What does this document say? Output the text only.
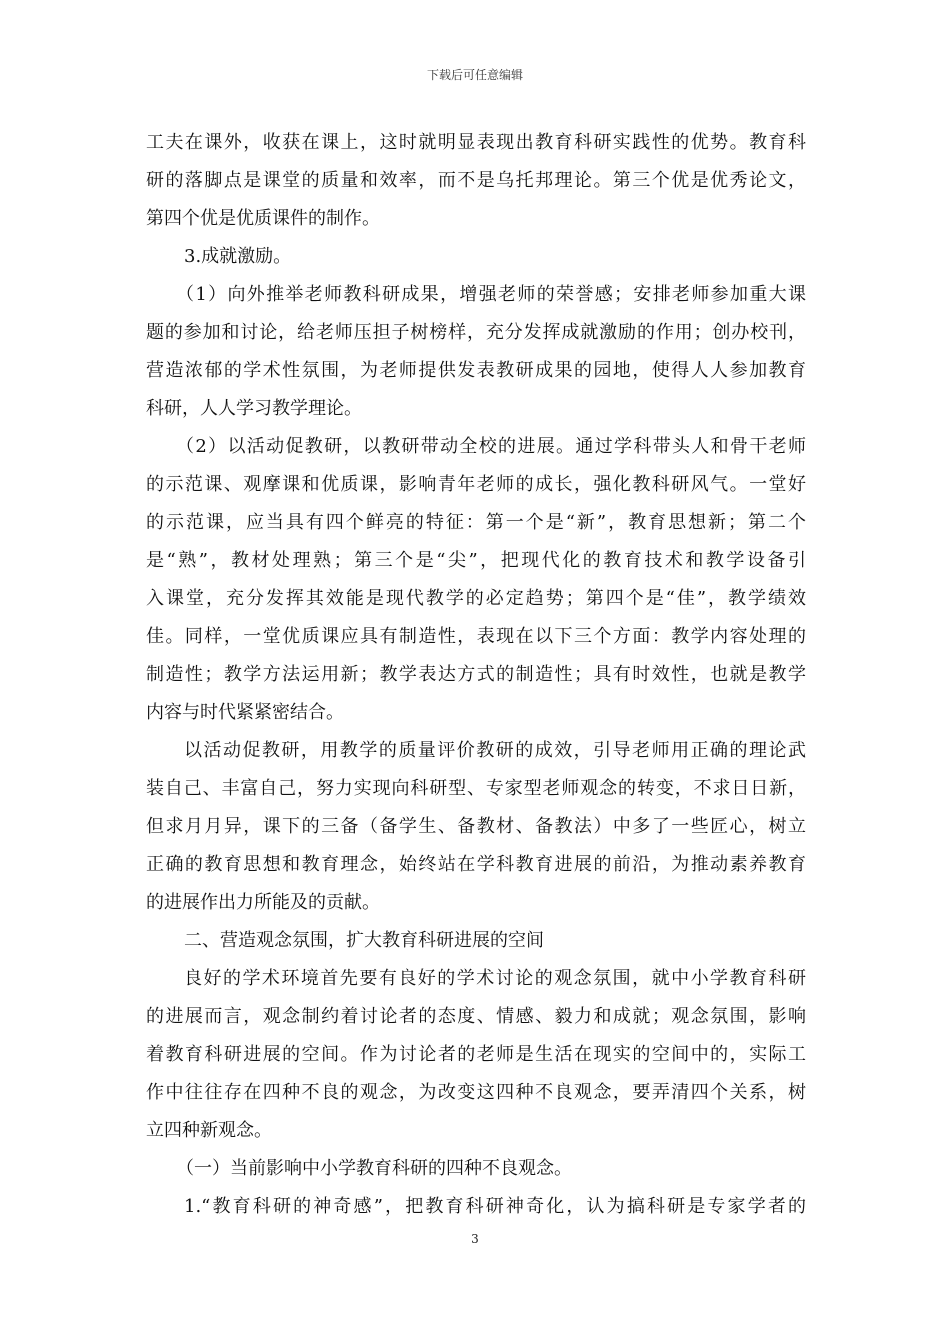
下载后可任意编辑
工夫在课外，收获在课上，这时就明显表现出教育科研实践性的优势。教育科
研的落脚点是课堂的质量和效率，而不是乌托邦理论。第三个优是优秀论文，
第四个优是优质课件的制作。
3.成就激励。
（1）向外推举老师教科研成果，增强老师的荣誉感；安排老师参加重大课
题的参加和讨论，给老师压担子树榜样，充分发挥成就激励的作用；创办校刊，
营造浓郁的学术性氛围，为老师提供发表教研成果的园地，使得人人参加教育
科研，人人学习教学理论。
（2）以活动促教研，以教研带动全校的进展。通过学科带头人和骨干老师
的示范课、观摩课和优质课，影响青年老师的成长，强化教科研风气。一堂好
的示范课，应当具有四个鲜亮的特征：第一个是“新”，教育思想新；第二个
是“熟”，教材处理熟；第三个是“尖”，把现代化的教育技术和教学设备引
入课堂，充分发挥其效能是现代教学的必定趋势；第四个是“佳”，教学绩效
佳。同样，一堂优质课应具有制造性，表现在以下三个方面：教学内容处理的
制造性；教学方法运用新；教学表达方式的制造性；具有时效性，也就是教学
内容与时代紧紧密结合。
以活动促教研，用教学的质量评价教研的成效，引导老师用正确的理论武
装自己、丰富自己，努力实现向科研型、专家型老师观念的转变，不求日日新，
但求月月异，课下的三备（备学生、备教材、备教法）中多了一些匠心，树立
正确的教育思想和教育理念，始终站在学科教育进展的前沿，为推动素养教育
的进展作出力所能及的贡献。
二、营造观念氛围，扩大教育科研进展的空间
良好的学术环境首先要有良好的学术讨论的观念氛围，就中小学教育科研
的进展而言，观念制约着讨论者的态度、情感、毅力和成就；观念氛围，影响
着教育科研进展的空间。作为讨论者的老师是生活在现实的空间中的，实际工
作中往往存在四种不良的观念，为改变这四种不良观念，要弄清四个关系，树
立四种新观念。
（一）当前影响中小学教育科研的四种不良观念。
1.“教育科研的神奇感”，把教育科研神奇化，认为搞科研是专家学者的
3
